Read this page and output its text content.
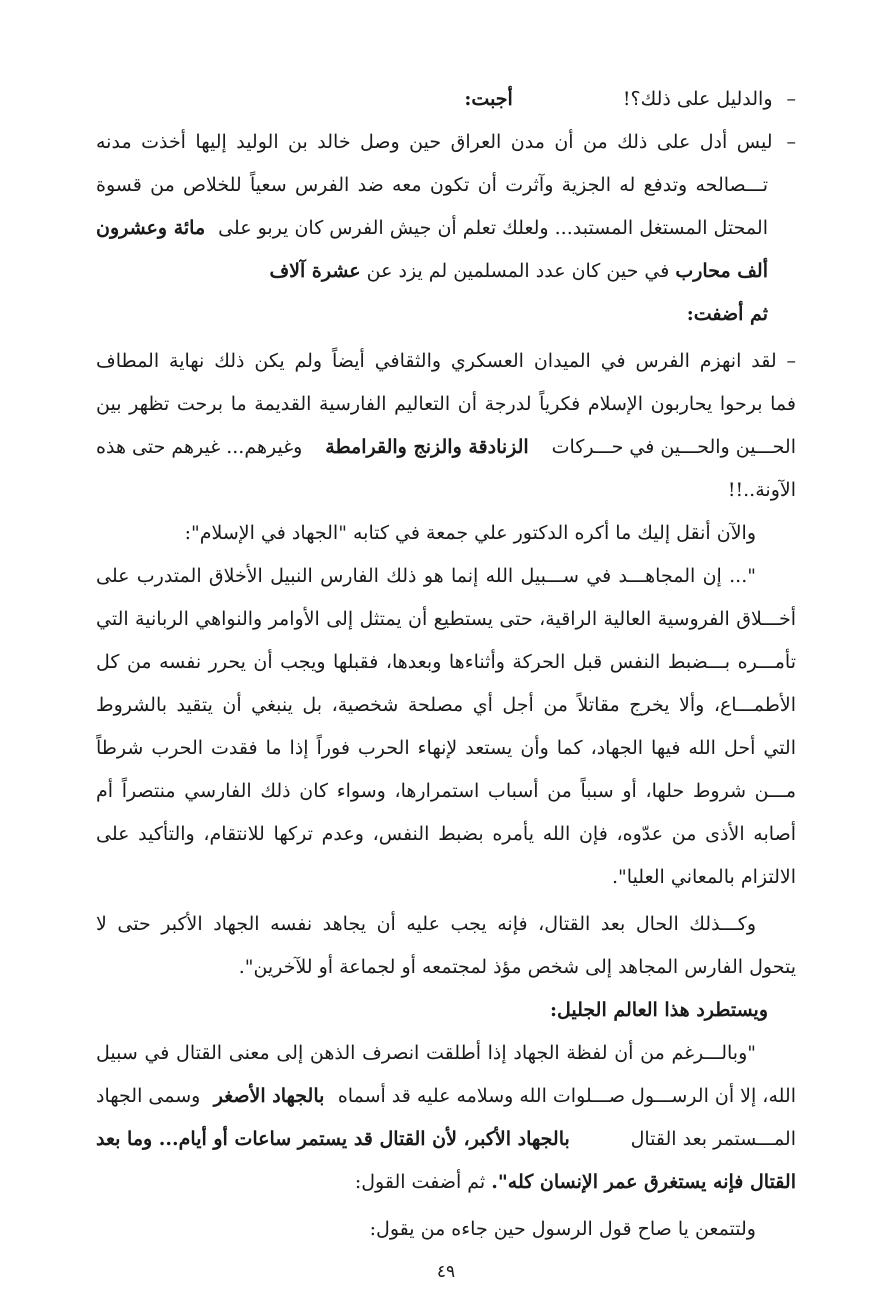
–
والدليل على ذلك؟!
أجبت:
–
ليس أدل على ذلك من أن مدن العراق حين وصل خالد بن الوليد إليها أخذت مدنه
تـــصالحه وتدفع له الجزية وآثرت أن تكون معه ضد الفرس سعياً للخلاص من قسوة
المحتل المستغل المستبد... ولعلك تعلم أن جيش الفرس كان يربو على
مائة وعشرون
ألف محارب

في حين كان عدد المسلمين لم يزد عن

عشرة آلاف
ثم أضفت:
– لقد انهزم الفرس في الميدان العسكري والثقافي أيضاً ولم يكن ذلك نهاية المطاف
فما برحوا يحاربون الإسلام فكرياً لدرجة أن التعاليم الفارسية القديمة ما برحت تظهر بين
الحـــين والحـــين في حـــركات
الزنادقة والزنج والقرامطة
وغيرهم... غيرهم حتى هذه
الآونة..!!
والآن أنقل إليك ما أكره الدكتور علي جمعة في كتابه "الجهاد في الإسلام":
"... إن المجاهـــد في ســـبيل الله إنما هو ذلك الفارس النبيل الأخلاق المتدرب على
أخـــلاق الفروسية العالية الراقية، حتى يستطيع أن يمتثل إلى الأوامر والنواهي الربانية التي
تأمـــره بـــضبط النفس قبل الحركة وأثناءها وبعدها، فقبلها ويجب أن يحرر نفسه من كل
الأطمـــاع، وألا يخرج مقاتلاً من أجل أي مصلحة شخصية، بل ينبغي أن يتقيد بالشروط
التي أحل الله فيها الجهاد، كما وأن يستعد لإنهاء الحرب فوراً إذا ما فقدت الحرب شرطاً
مـــن شروط حلها، أو سبباً من أسباب استمرارها، وسواء كان ذلك الفارسي منتصراً أم
أصابه الأذى من عدّوه، فإن الله يأمره بضبط النفس، وعدم تركها للانتقام، والتأكيد على
الالتزام بالمعاني العليا".
وكـــذلك الحال بعد القتال، فإنه يجب عليه أن يجاهد نفسه الجهاد الأكبر حتى لا
يتحول الفارس المجاهد إلى شخص مؤذ لمجتمعه أو لجماعة أو للآخرين".
ويستطرد هذا العالم الجليل:
"وبالـــرغم من أن لفظة الجهاد إذا أطلقت انصرف الذهن إلى معنى القتال في سبيل
الله، إلا أن الرســـول صـــلوات الله وسلامه عليه قد أسماه
بالجهاد الأصغر
وسمى الجهاد
المـــستمر بعد القتال
بالجهاد الأكبر، لأن القتال قد يستمر ساعات أو أيام... وما بعد
القتال فإنه يستغرق عمر الإنسان كله".

ثم أضفت القول:
ولتتمعن يا صاح قول الرسول حين جاءه من يقول:
٤٩
